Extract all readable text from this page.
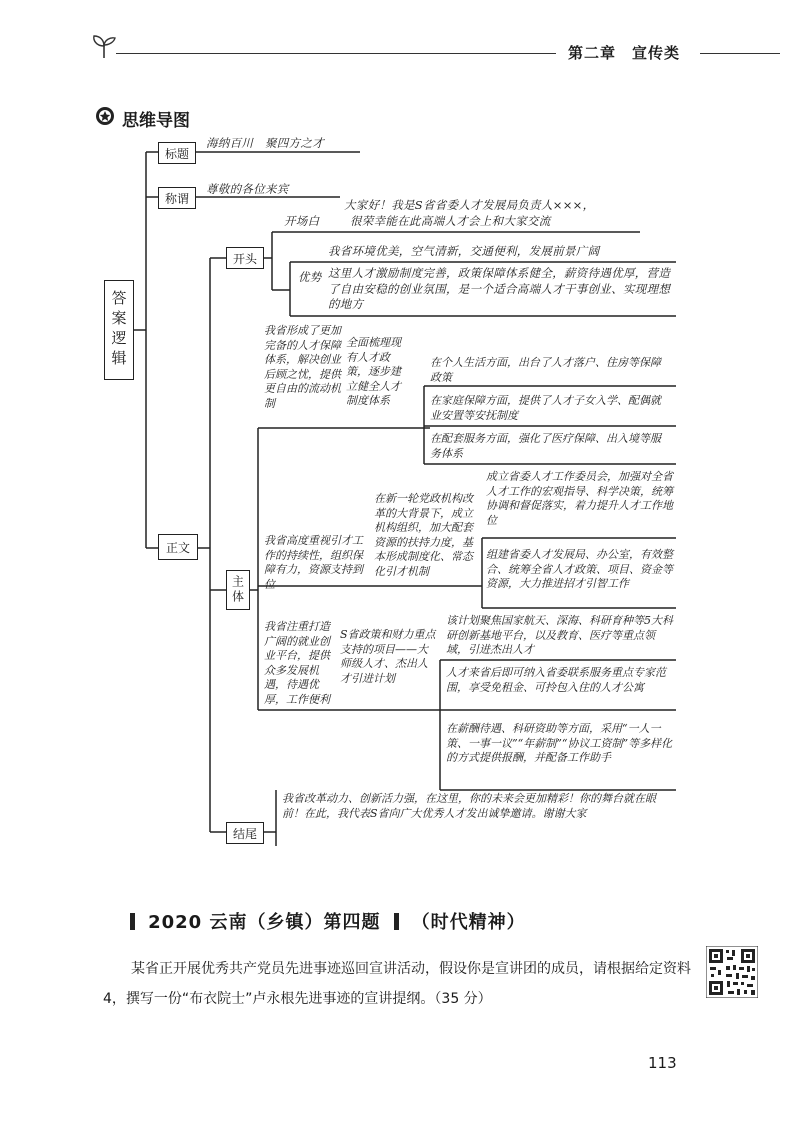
第二章　宣传类
思维导图
答案逻辑
标题
海纳百川　聚四方之才
称谓
尊敬的各位来宾
正文
开头
开场白
大家好！我是S省省委人才发展局负责人×××，
很荣幸能在此高端人才会上和大家交流
优势
我省环境优美，空气清新，交通便利，发展前景广阔
这里人才激励制度完善，政策保障体系健全，薪资待遇优厚，营造了自由安稳的创业氛围，是一个适合高端人才干事创业、实现理想的地方
主体
我省形成了更加完备的人才保障体系，解决创业后顾之忧，提供更自由的流动机制
全面梳理现有人才政策，逐步建立健全人才制度体系
在个人生活方面，出台了人才落户、住房等保障政策
在家庭保障方面，提供了人才子女入学、配偶就业安置等安抚制度
在配套服务方面，强化了医疗保障、出入境等服务体系
我省高度重视引才工作的持续性，组织保障有力，资源支持到位
在新一轮党政机构改革的大背景下，成立机构组织，加大配套资源的扶持力度，基本形成制度化、常态化引才机制
成立省委人才工作委员会，加强对全省人才工作的宏观指导、科学决策，统筹协调和督促落实，着力提升人才工作地位
组建省委人才发展局、办公室，有效整合、统筹全省人才政策、项目、资金等资源，大力推进招才引智工作
我省注重打造广阔的就业创业平台，提供众多发展机遇，待遇优厚，工作便利
S省政策和财力重点支持的项目——大师级人才、杰出人才引进计划
该计划聚焦国家航天、深海、科研育种等5大科研创新基地平台，以及教育、医疗等重点领域，引进杰出人才
人才来省后即可纳入省委联系服务重点专家范围，享受免租金、可拎包入住的人才公寓
在薪酬待遇、科研资助等方面，采用“一人一策、一事一议”“年薪制”“协议工资制”等多样化的方式提供报酬，并配备工作助手
结尾
我省改革动力、创新活力强，在这里，你的未来会更加精彩！你的舞台就在眼前！在此，我代表S省向广大优秀人才发出诚挚邀请。谢谢大家
2020 云南（乡镇）第四题 （时代精神）
某省正开展优秀共产党员先进事迹巡回宣讲活动，假设你是宣讲团的成员，请根据给定资料 4，撰写一份“布衣院士”卢永根先进事迹的宣讲提纲。（35 分）
113
